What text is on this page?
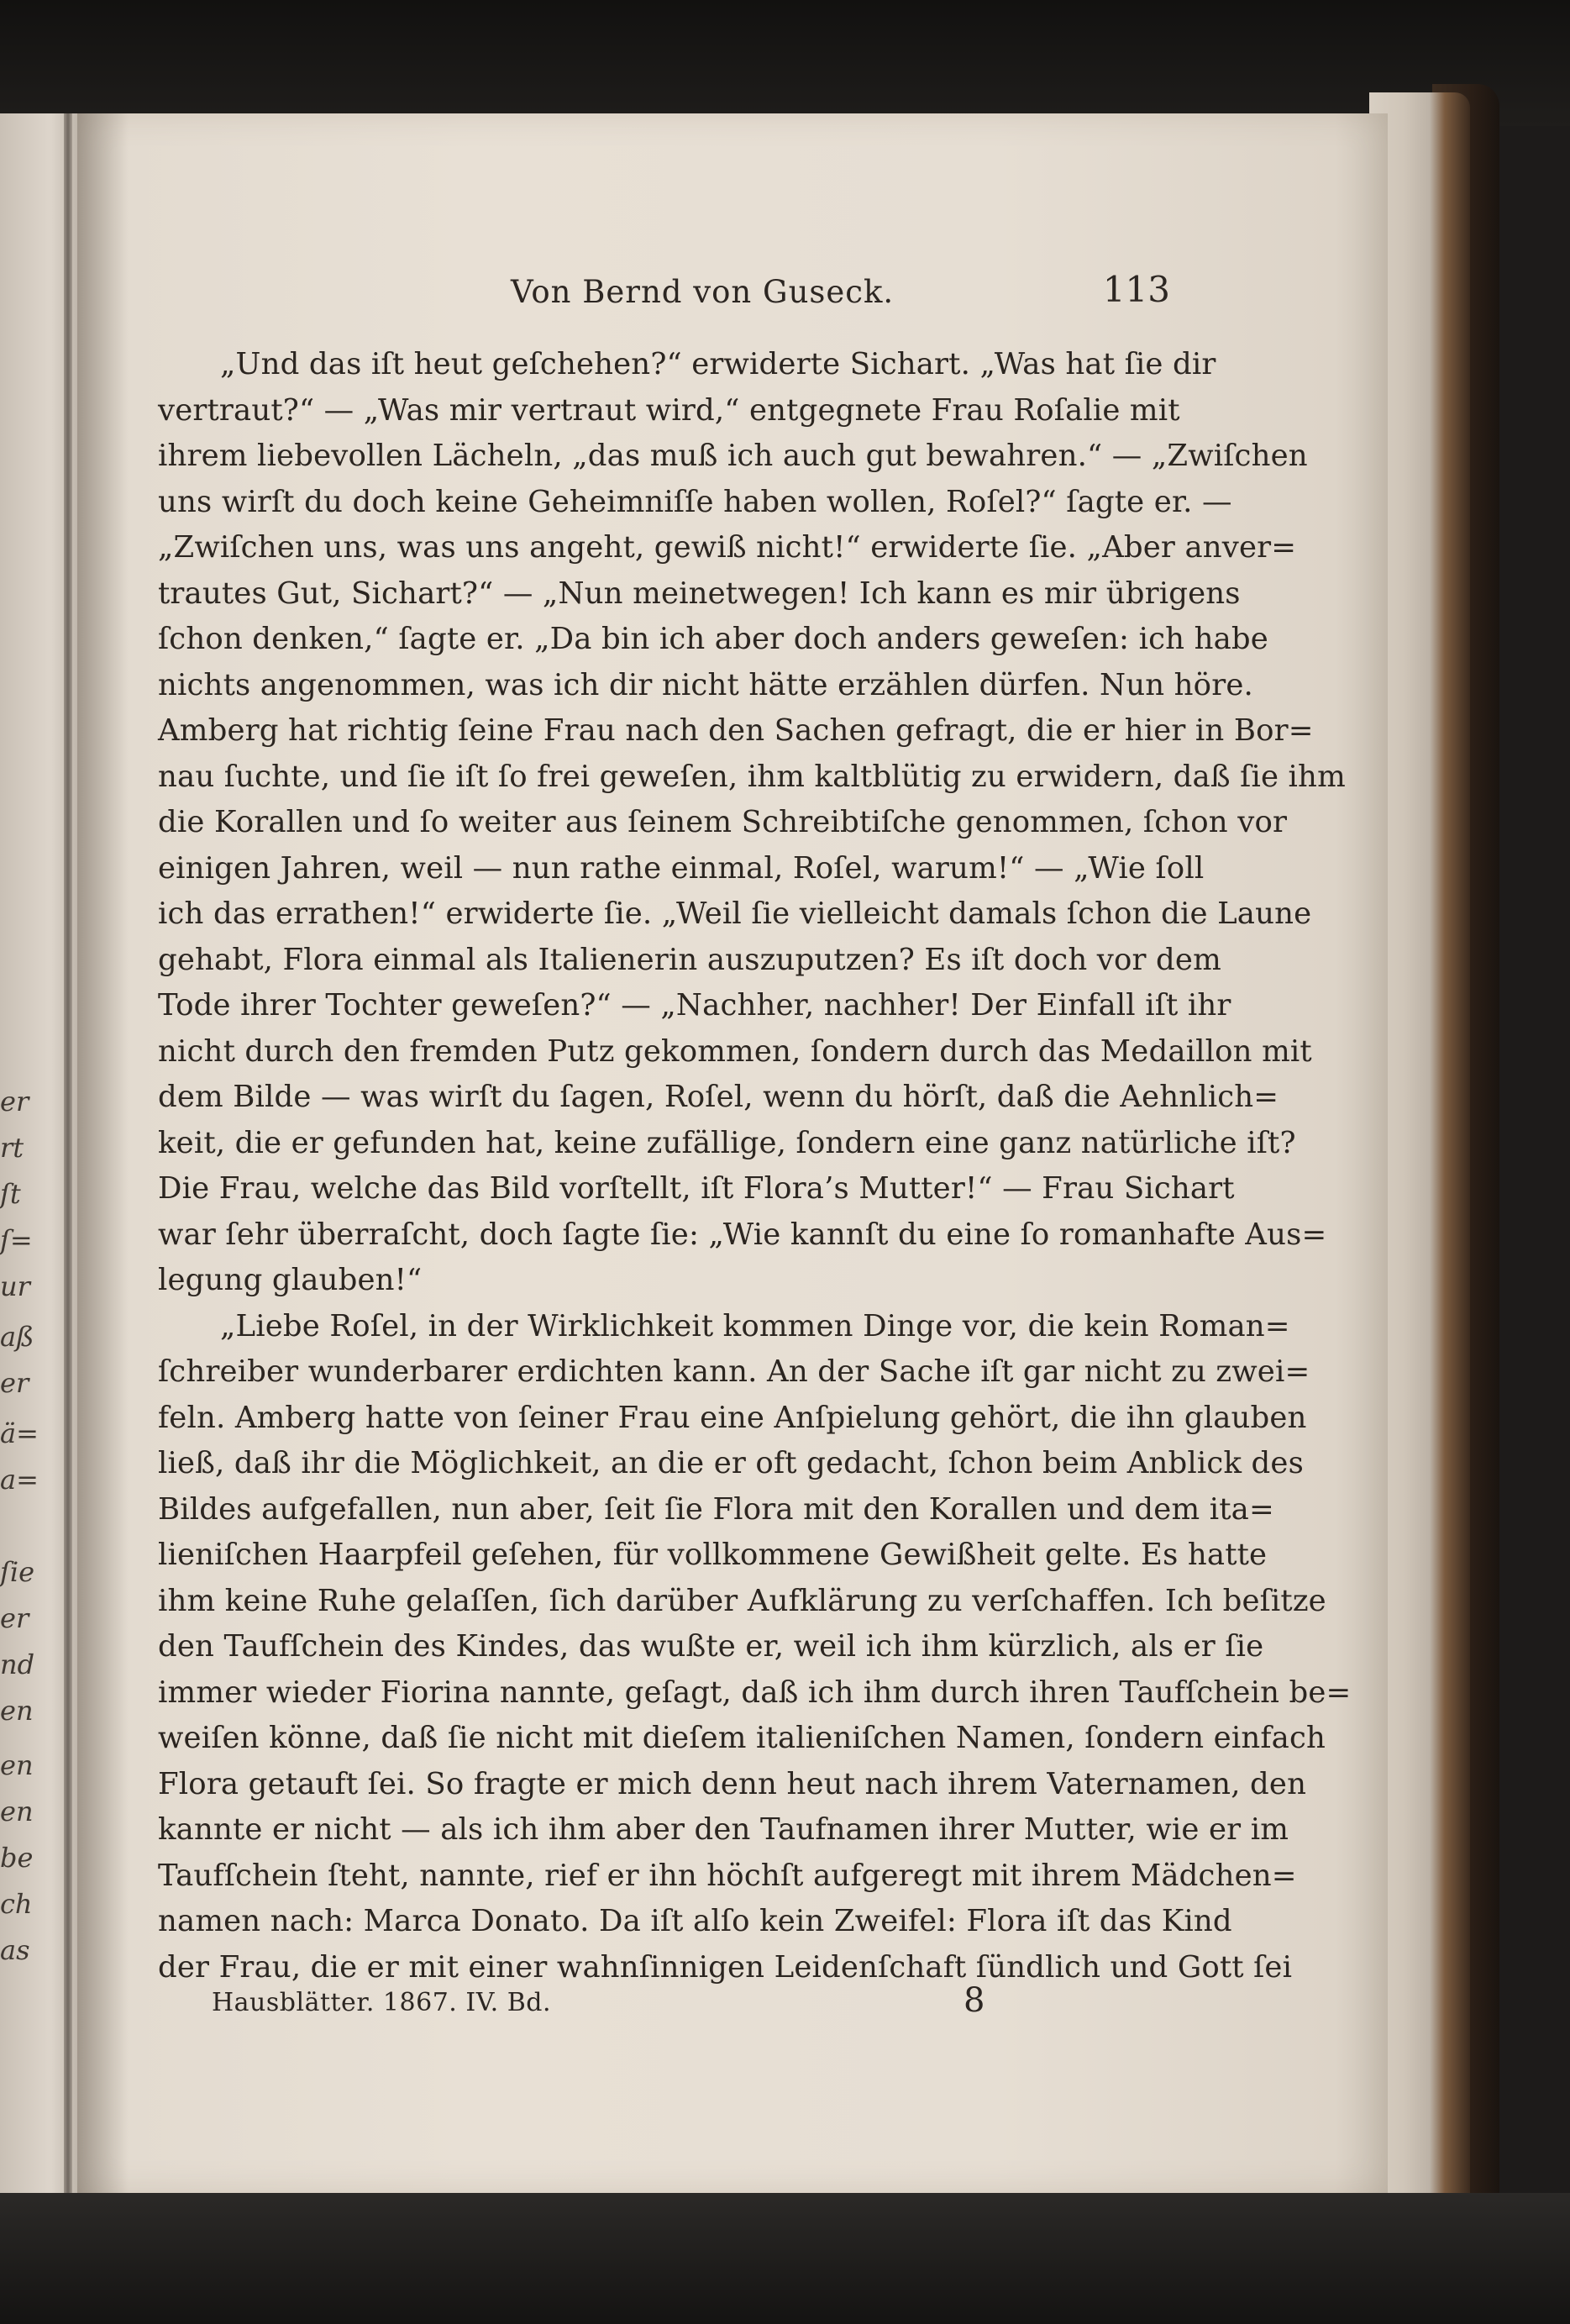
er
rt
ſt
ſ=
ur
aß
er
ä=
a=
ſie
er
nd
en
en
en
be
ch
as
Von Bernd von Guseck.	113
„Und das iſt heut geſchehen?“ erwiderte Sichart. „Was hat ſie dir
vertraut?“ — „Was mir vertraut wird,“ entgegnete Frau Roſalie mit
ihrem liebevollen Lächeln, „das muß ich auch gut bewahren.“ — „Zwiſchen
uns wirſt du doch keine Geheimniſſe haben wollen, Roſel?“ ſagte er. —
„Zwiſchen uns, was uns angeht, gewiß nicht!“ erwiderte ſie. „Aber anver=
trautes Gut, Sichart?“ — „Nun meinetwegen! Ich kann es mir übrigens
ſchon denken,“ ſagte er. „Da bin ich aber doch anders geweſen: ich habe
nichts angenommen, was ich dir nicht hätte erzählen dürfen. Nun höre.
Amberg hat richtig ſeine Frau nach den Sachen gefragt, die er hier in Bor=
nau ſuchte, und ſie iſt ſo frei geweſen, ihm kaltblütig zu erwidern, daß ſie ihm
die Korallen und ſo weiter aus ſeinem Schreibtiſche genommen, ſchon vor
einigen Jahren, weil — nun rathe einmal, Roſel, warum!“ — „Wie ſoll
ich das errathen!“ erwiderte ſie. „Weil ſie vielleicht damals ſchon die Laune
gehabt, Flora einmal als Italienerin auszuputzen? Es iſt doch vor dem
Tode ihrer Tochter geweſen?“ — „Nachher, nachher! Der Einfall iſt ihr
nicht durch den fremden Putz gekommen, ſondern durch das Medaillon mit
dem Bilde — was wirſt du ſagen, Roſel, wenn du hörſt, daß die Aehnlich=
keit, die er gefunden hat, keine zufällige, ſondern eine ganz natürliche iſt?
Die Frau, welche das Bild vorſtellt, iſt Flora’s Mutter!“ — Frau Sichart
war ſehr überraſcht, doch ſagte ſie: „Wie kannſt du eine ſo romanhafte Aus=
legung glauben!“
„Liebe Roſel, in der Wirklichkeit kommen Dinge vor, die kein Roman=
ſchreiber wunderbarer erdichten kann. An der Sache iſt gar nicht zu zwei=
feln. Amberg hatte von ſeiner Frau eine Anſpielung gehört, die ihn glauben
ließ, daß ihr die Möglichkeit, an die er oft gedacht, ſchon beim Anblick des
Bildes aufgefallen, nun aber, ſeit ſie Flora mit den Korallen und dem ita=
lieniſchen Haarpfeil geſehen, für vollkommene Gewißheit gelte. Es hatte
ihm keine Ruhe gelaſſen, ſich darüber Aufklärung zu verſchaffen. Ich beſitze
den Taufſchein des Kindes, das wußte er, weil ich ihm kürzlich, als er ſie
immer wieder Fiorina nannte, geſagt, daß ich ihm durch ihren Taufſchein be=
weiſen könne, daß ſie nicht mit dieſem italieniſchen Namen, ſondern einfach
Flora getauft ſei. So fragte er mich denn heut nach ihrem Vaternamen, den
kannte er nicht — als ich ihm aber den Taufnamen ihrer Mutter, wie er im
Taufſchein ſteht, nannte, rief er ihn höchſt aufgeregt mit ihrem Mädchen=
namen nach: Marca Donato. Da iſt alſo kein Zweifel: Flora iſt das Kind
der Frau, die er mit einer wahnſinnigen Leidenſchaft ſündlich und Gott ſei
Hausblätter. 1867. IV. Bd.	8
